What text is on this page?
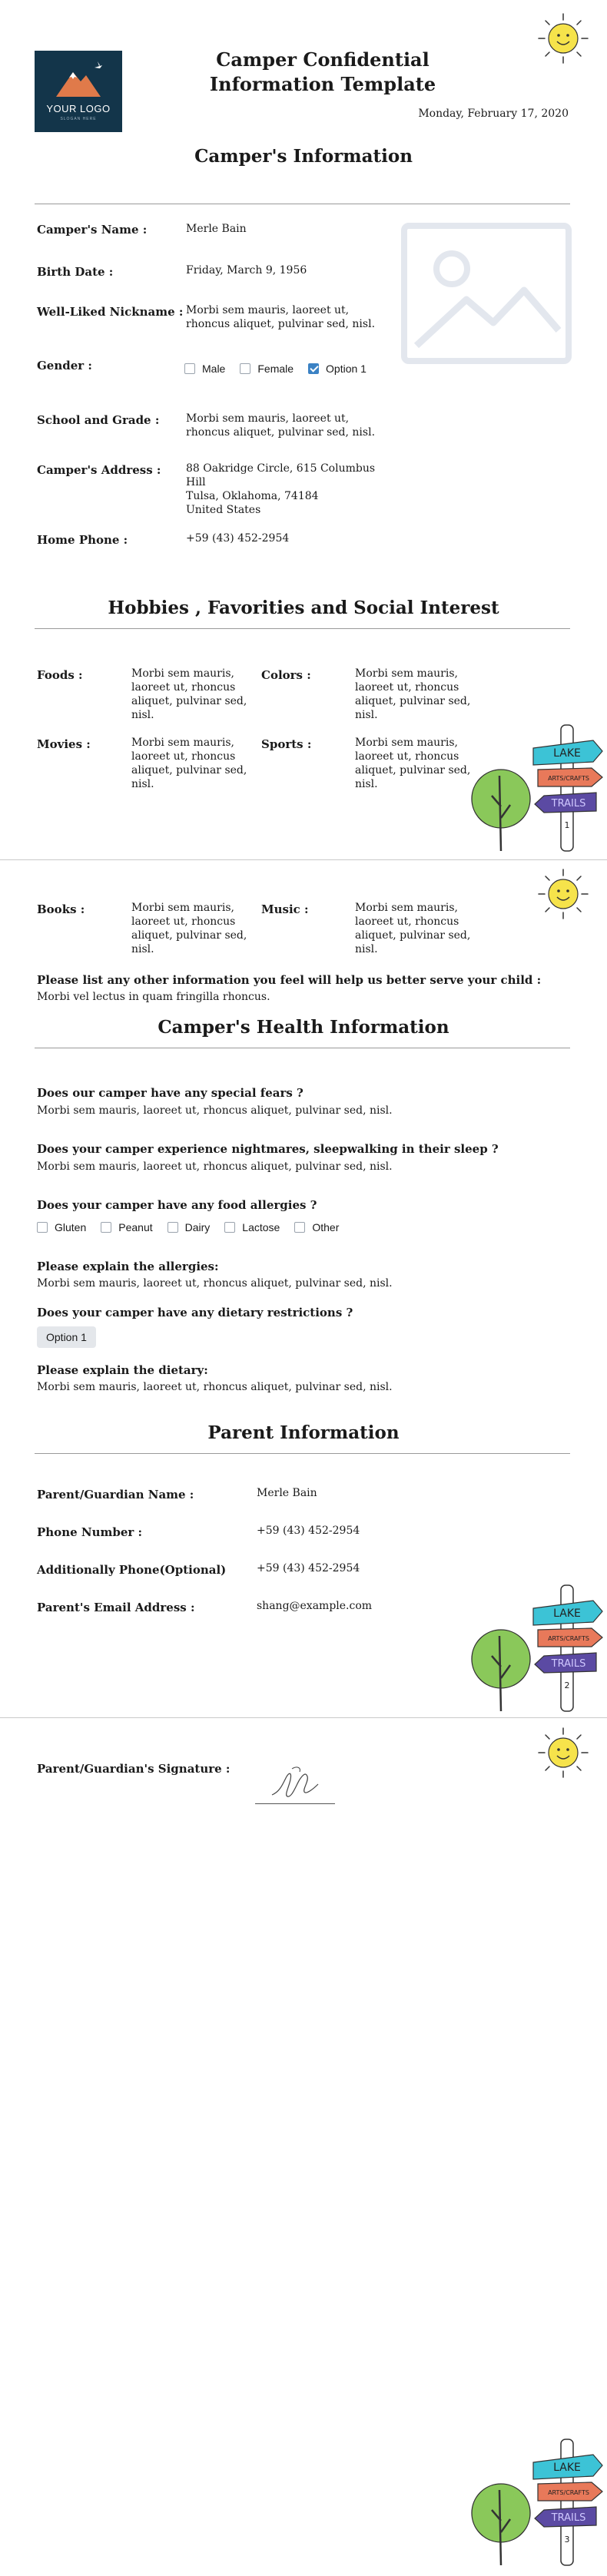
YOUR LOGO
SLOGAN HERE
Camper Confidential Information Template
Monday, February 17, 2020
Camper's Information
Camper's Name :	Merle Bain
Birth Date :	Friday, March 9, 1956
Well-Liked Nickname : Morbi sem mauris, laoreet ut, rhoncus aliquet, pulvinar sed, nisl.
Gender :	Male	Female	Option 1
School and Grade : Morbi sem mauris, laoreet ut, rhoncus aliquet, pulvinar sed, nisl.
Camper's Address : 88 Oakridge Circle, 615 Columbus
Hill
Tulsa, Oklahoma, 74184
United States
Home Phone :	+59 (43) 452-2954
Hobbies , Favorities and Social Interest
Foods :	Morbi sem mauris, laoreet ut, rhoncus aliquet, pulvinar sed, nisl.
Colors :	Morbi sem mauris, laoreet ut, rhoncus aliquet, pulvinar sed, nisl.
Movies :	Morbi sem mauris, laoreet ut, rhoncus aliquet, pulvinar sed, nisl.
Sports :	Morbi sem mauris, laoreet ut, rhoncus aliquet, pulvinar sed, nisl.
LAKE
ARTS/CRAFTS
TRAILS
1
Books :	Morbi sem mauris, laoreet ut, rhoncus aliquet, pulvinar sed, nisl.
Music :	Morbi sem mauris, laoreet ut, rhoncus aliquet, pulvinar sed, nisl.
Please list any other information you feel will help us better serve your child :
Morbi vel lectus in quam fringilla rhoncus.
Camper's Health Information
Does our camper have any special fears ?
Morbi sem mauris, laoreet ut, rhoncus aliquet, pulvinar sed, nisl.
Does your camper experience nightmares, sleepwalking in their sleep ?
Morbi sem mauris, laoreet ut, rhoncus aliquet, pulvinar sed, nisl.
Does your camper have any food allergies ?
Gluten	Peanut	Dairy	Lactose	Other
Please explain the allergies:
Morbi sem mauris, laoreet ut, rhoncus aliquet, pulvinar sed, nisl.
Does your camper have any dietary restrictions ?
Option 1
Please explain the dietary:
Morbi sem mauris, laoreet ut, rhoncus aliquet, pulvinar sed, nisl.
Parent Information
Parent/Guardian Name :	Merle Bain
Phone Number :	+59 (43) 452-2954
Additionally Phone(Optional)	+59 (43) 452-2954
Parent's Email Address :	shang@example.com
LAKE
ARTS/CRAFTS
TRAILS
2
Parent/Guardian's Signature :
LAKE
ARTS/CRAFTS
TRAILS
3
